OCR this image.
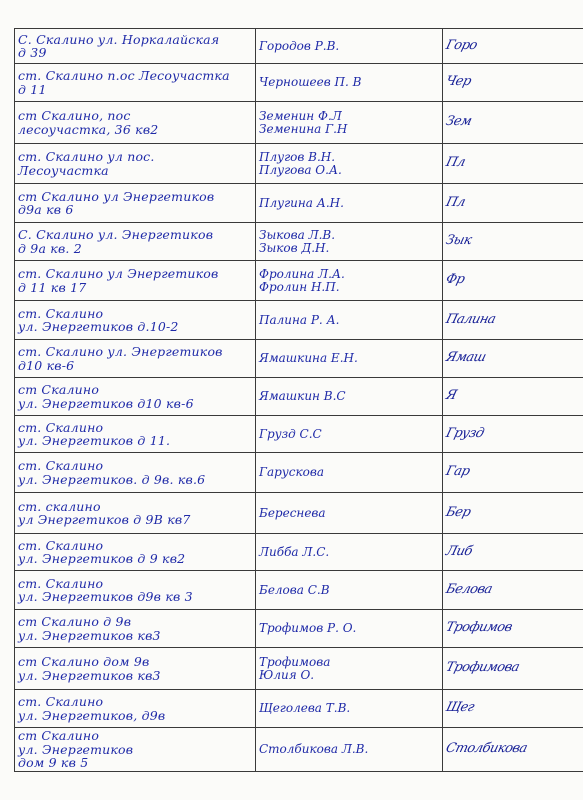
С. Скалино ул. Норкалайская
д 39	Городов Р.В.	Горо

ст. Скалино п.ос Лесоучастка
д 11	Черношеев П. В	Чер

ст Скалино, пос
лесоучастка, 36 кв2	Земенин Ф.Л
Земенина Г.Н	Зем

ст. Скалино ул пос.
Лесоучастка	Плугов В.Н.
Плугова О.А.	Пл

ст Скалино ул Энергетиков
д9а кв 6	Плугина А.Н.	Пл

С. Скалино ул. Энергетиков
д 9а кв. 2	Зыкова Л.В.
Зыков Д.Н.	Зык

ст. Скалино ул Энергетиков
д 11 кв 17	Фролина Л.А.
Фролин Н.П.	Фр

ст. Скалино
ул. Энергетиков д.10-2	Палина Р. А.	Палина

ст. Скалино ул. Энергетиков
д10 кв-6	Ямашкина Е.Н.	Ямаш

ст Скалино
ул. Энергетиков д10 кв-6	Ямашкин В.С	Я

ст. Скалино
ул. Энергетиков д 11.	Грузд С.С	Грузд

ст. Скалино
ул. Энергетиков. д 9в. кв.6	Гарускова	Гар

ст. скалино
ул Энергетиков д 9В кв7	Береснева	Бер

ст. Скалино
ул. Энергетиков д 9 кв2	Либба Л.С.	Либ

ст. Скалино
ул. Энергетиков д9в кв 3	Белова С.В	Белова

ст Скалино д 9в
ул. Энергетиков кв3	Трофимов Р. О.	Трофимов

ст Скалино дом 9в
ул. Энергетиков кв3	Трофимова
Юлия О.	Трофимова

ст. Скалино
ул. Энергетиков, д9в	Щеголева Т.В.	Щег

ст Скалино
ул. Энергетиков
дом 9 кв 5	Столбикова Л.В.	Столбикова
